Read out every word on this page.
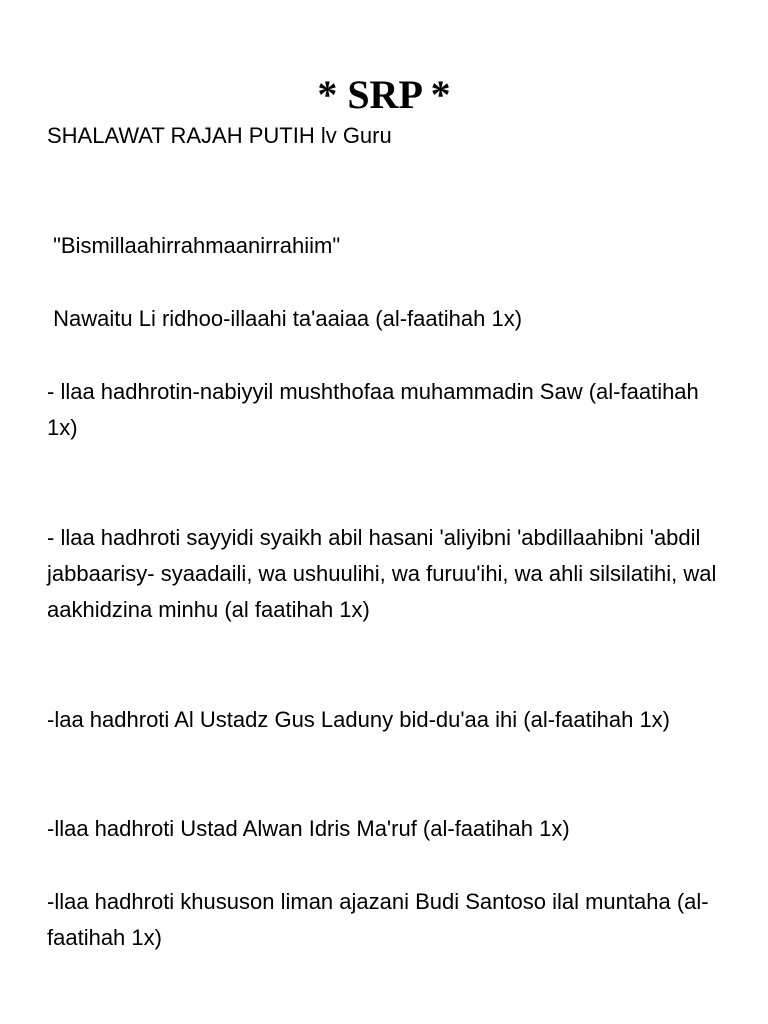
* SRP *

SHALAWAT RAJAH PUTIH lv Guru

"Bismillaahirrahmaanirrahiim"

Nawaitu Li ridhoo-illaahi ta'aaiaa (al-faatihah 1x)

- llaa hadhrotin-nabiyyil mushthofaa muhammadin Saw (al-faatihah 1x)

- llaa hadhroti sayyidi syaikh abil hasani 'aliyibni 'abdillaahibni 'abdil jabbaarisy- syaadaili, wa ushuulihi, wa furuu'ihi, wa ahli silsilatihi, wal aakhidzina minhu (al faatihah 1x)

-laa hadhroti Al Ustadz Gus Laduny bid-du'aa ihi (al-faatihah 1x)

-llaa hadhroti Ustad Alwan Idris Ma'ruf (al-faatihah 1x)

-llaa hadhroti khususon liman ajazani Budi Santoso ilal muntaha (al-faatihah 1x)
